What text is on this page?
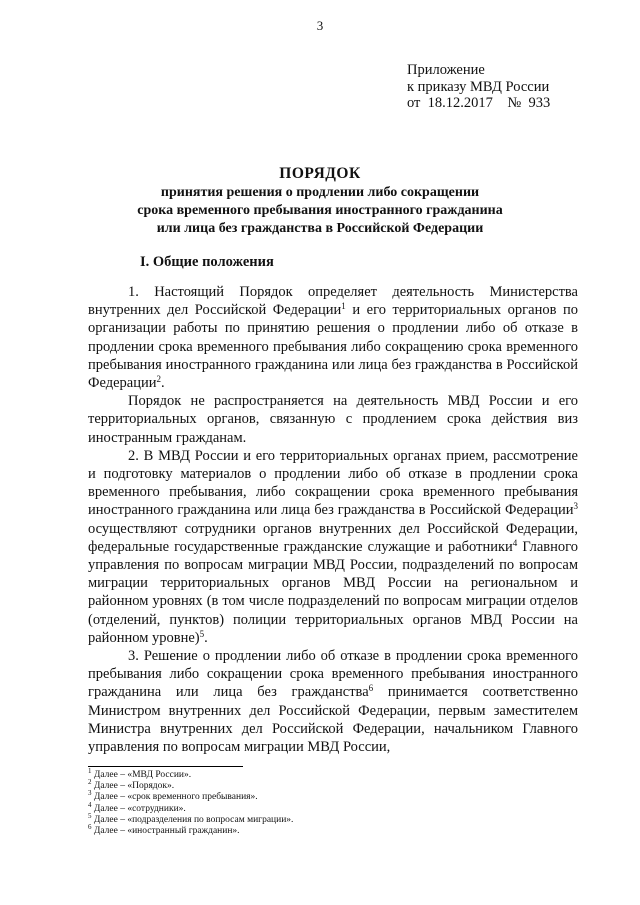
3
Приложение
к приказу МВД России
от 18.12.2017 № 933
ПОРЯДОК
принятия решения о продлении либо сокращении
срока временного пребывания иностранного гражданина
или лица без гражданства в Российской Федерации
I. Общие положения

1. Настоящий Порядок определяет деятельность Министерства внутренних дел Российской Федерации$^1$ и его территориальных органов по организации работы по принятию решения о продлении либо об отказе в продлении срока временного пребывания либо сокращению срока временного пребывания иностранного гражданина или лица без гражданства в Российской Федерации$^2$.

Порядок не распространяется на деятельность МВД России и его территориальных органов, связанную с продлением срока действия виз иностранным гражданам.

2. В МВД России и его территориальных органах прием, рассмотрение и подготовку материалов о продлении либо об отказе в продлении срока временного пребывания, либо сокращении срока временного пребывания иностранного гражданина или лица без гражданства в Российской Федерации$^3$ осуществляют сотрудники органов внутренних дел Российской Федерации, федеральные государственные гражданские служащие и работники$^4$ Главного управления по вопросам миграции МВД России, подразделений по вопросам миграции территориальных органов МВД России на региональном и районном уровнях (в том числе подразделений по вопросам миграции отделов (отделений, пунктов) полиции территориальных органов МВД России на районном уровне)$^5$.

3. Решение о продлении либо об отказе в продлении срока временного пребывания либо сокращении срока временного пребывания иностранного гражданина или лица без гражданства$^6$ принимается соответственно Министром внутренних дел Российской Федерации, первым заместителем Министра внутренних дел Российской Федерации, начальником Главного управления по вопросам миграции МВД России,

$^1$ Далее – «МВД России».
$^2$ Далее – «Порядок».
$^3$ Далее – «срок временного пребывания».
$^4$ Далее – «сотрудники».
$^5$ Далее – «подразделения по вопросам миграции».
$^6$ Далее – «иностранный гражданин».
